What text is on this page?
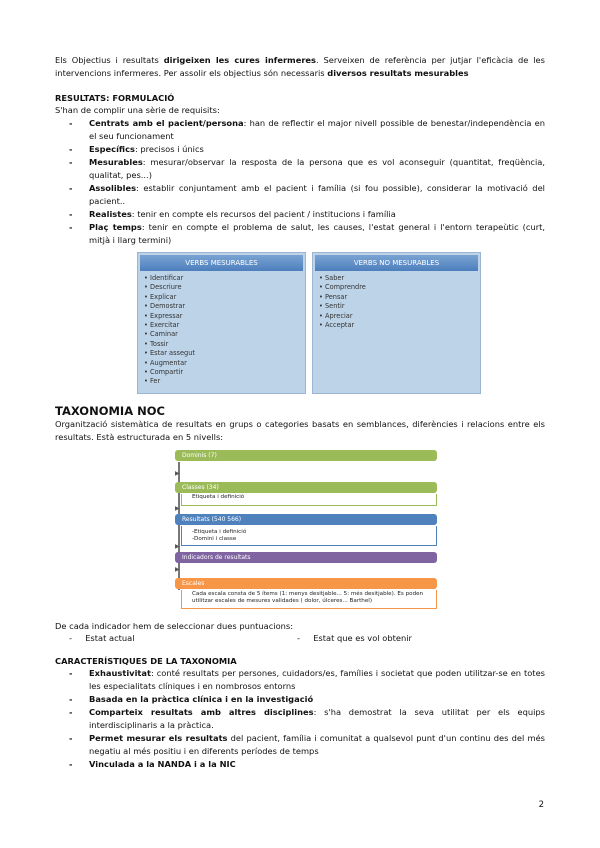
Els Objectius i resultats dirigeixen les cures infermeres. Serveixen de referència per jutjar l'eficàcia de les intervencions infermeres. Per assolir els objectius són necessaris diversos resultats mesurables

RESULTATS: FORMULACIÓ

S'han de complir una sèrie de requisits:

- Centrats amb el pacient/persona: han de reflectir el major nivell possible de benestar/independència en el seu funcionament
- Específics: precisos i únics
- Mesurables: mesurar/observar la resposta de la persona que es vol aconseguir (quantitat, freqüència, qualitat, pes...)
- Assolibles: establir conjuntament amb el pacient i família (si fou possible), considerar la motivació del pacient..
- Realistes: tenir en compte els recursos del pacient / institucions i família
- Plaç temps: tenir en compte el problema de salut, les causes, l'estat general i l'entorn terapeùtic (curt, mitjà i llarg termini)
VERBS MESURABLES
• Identificar
• Descriure
• Explicar
• Demostrar
• Expressar
• Exercitar
• Caminar
• Tossir
• Estar assegut
• Augmentar
• Compartir
• Fer
VERBS NO MESURABLES
• Saber
• Comprendre
• Pensar
• Sentir
• Apreciar
• Acceptar

TAXONOMIA NOC

Organització sistemàtica de resultats en grups o categories basats en semblances, diferències i relacions entre els resultats. Està estructurada en 5 nivells:

Dominis (7)
▶
Classes (34)
Etiqueta i definició
▶
Resultats (540 566)
-Etiqueta i definició
-Domini i classe
▶
Indicadors de resultats
▶
Escales
Cada escala consta de 5 ítems (1: menys desitjable... 5: més desitjable). Es poden utilitzar escales de mesures validades ( dolor, úlceres... Barthel)

De cada indicador hem de seleccionar dues puntuacions:

-     Estat actual	-     Estat que es vol obtenir

CARACTERÍSTIQUES DE LA TAXONOMIA

- Exhaustivitat: conté resultats per persones, cuidadors/es, famílies i societat que poden utilitzar-se en totes les especialitats clíniques i en nombrosos entorns
- Basada en la pràctica clínica i en la investigació
- Comparteix resultats amb altres disciplines: s'ha demostrat la seva utilitat per els equips interdisciplinaris a la pràctica.
- Permet mesurar els resultats del pacient, família i comunitat a qualsevol punt d'un continu des del més negatiu al més positiu i en diferents períodes de temps
- Vinculada a la NANDA i a la NIC
2
